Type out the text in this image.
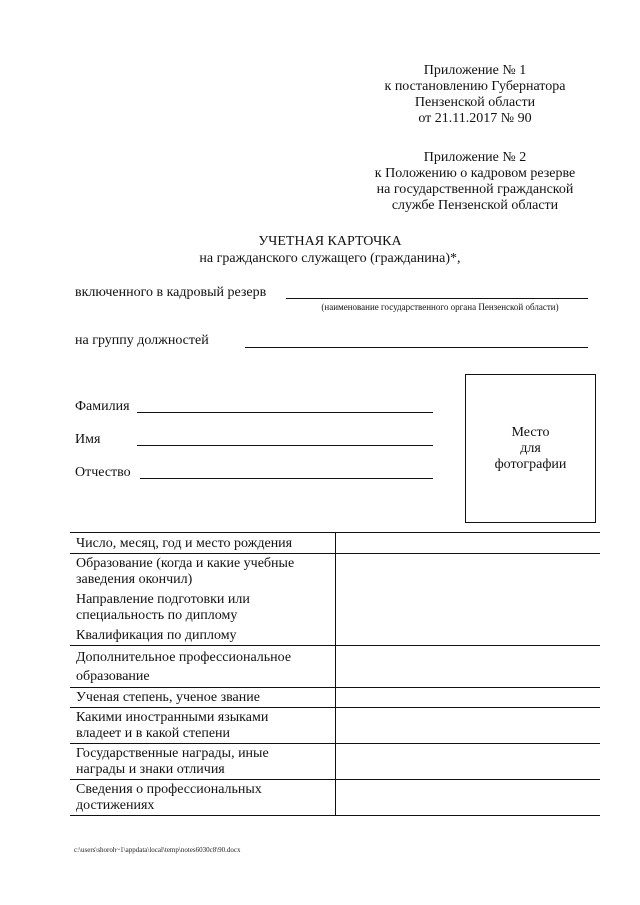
Приложение № 1
к постановлению Губернатора
Пензенской области
от 21.11.2017 № 90
Приложение № 2
к Положению о кадровом резерве
на государственной гражданской
службе Пензенской области
УЧЕТНАЯ КАРТОЧКА
на гражданского служащего (гражданина)*,
включенного в кадровый резерв
(наименование государственного органа Пензенской области)
на группу должностей
Фамилия
Имя
Отчество
Место
для
фотографии
Число, месяц, год и место рождения	

Образование (когда и какие учебные
заведения окончил)
Направление подготовки или
специальность по диплому
Квалификация по диплому	

Дополнительное профессиональное
образование	

Ученая степень, ученое звание	

Какими иностранными языками
владеет и в какой степени	

Государственные награды, иные
награды и знаки отличия	

Сведения о профессиональных
достижениях	

c:\users\shoroh~1\appdata\local\temp\notes6030c8\90.docx
